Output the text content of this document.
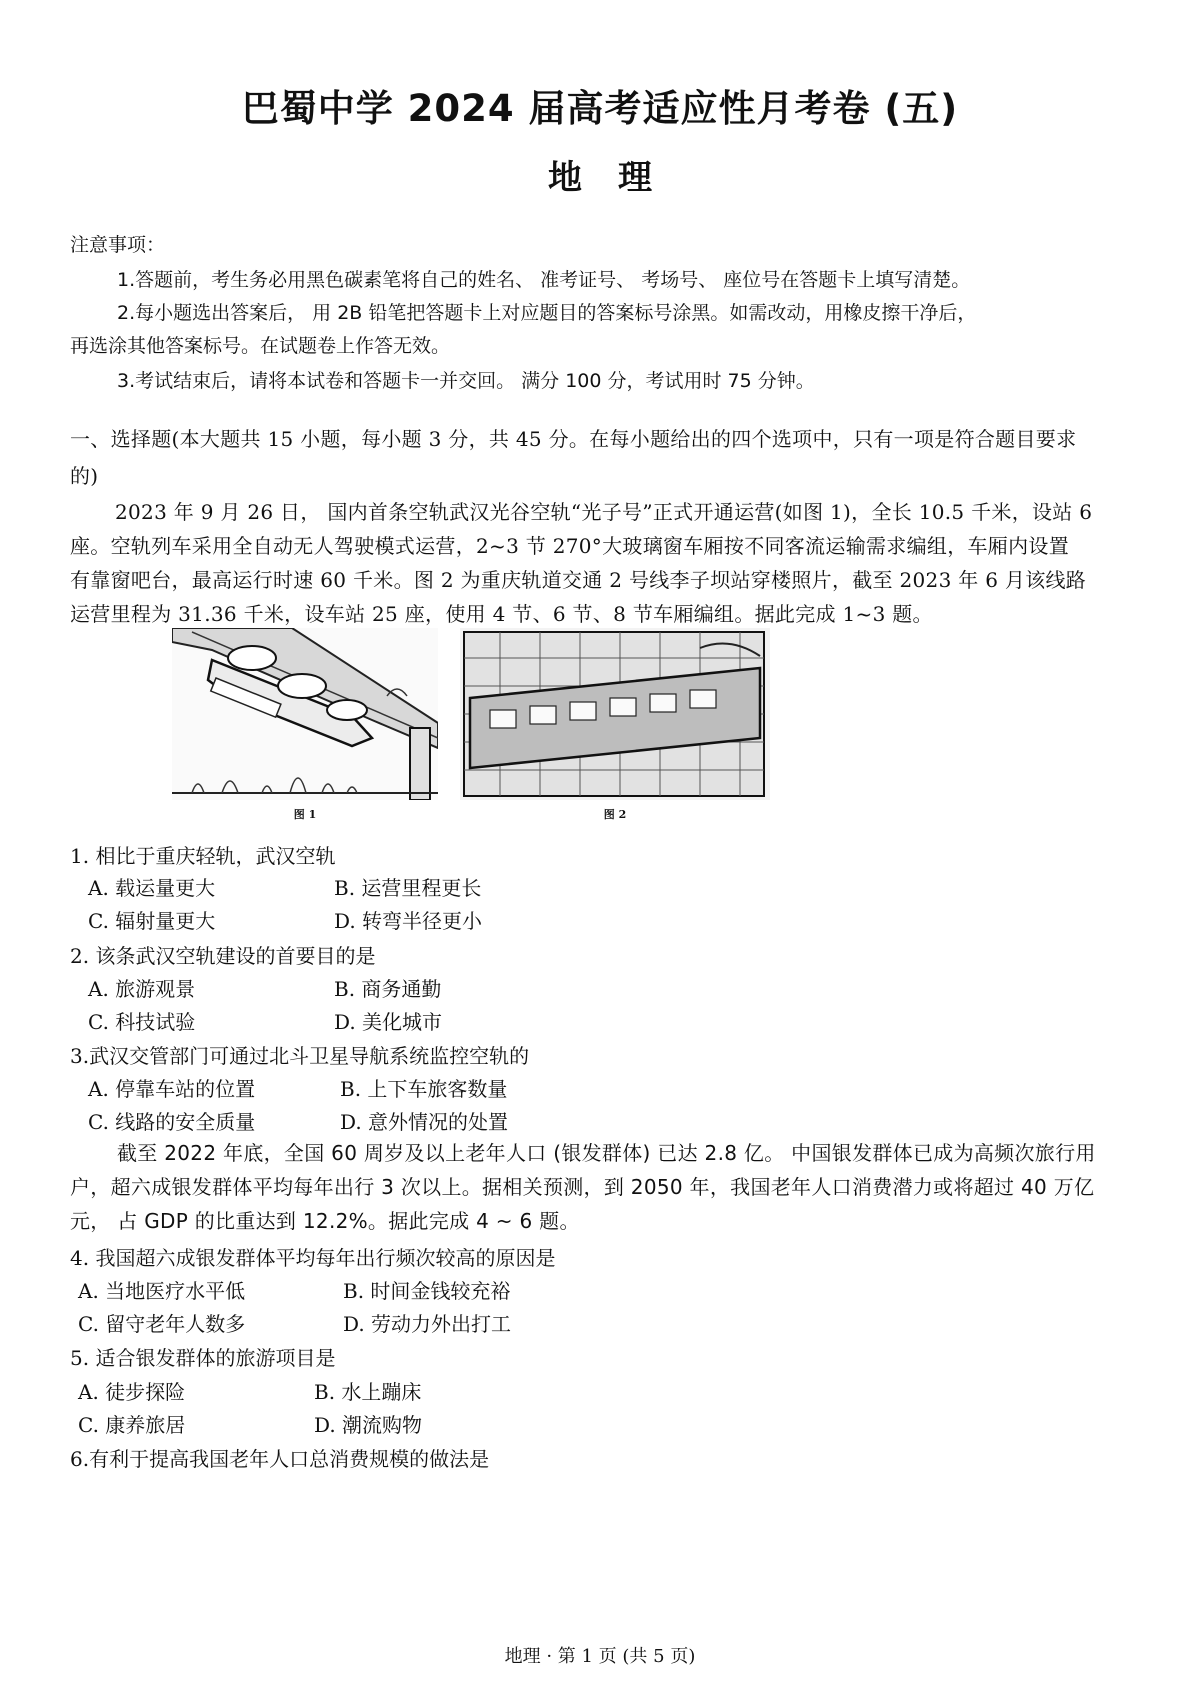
巴蜀中学 2024 届高考适应性月考卷 (五)
地理
注意事项：
1.答题前，考生务必用黑色碳素笔将自己的姓名、 准考证号、 考场号、 座位号在答题卡上填写清楚。
2.每小题选出答案后， 用 2B 铅笔把答题卡上对应题目的答案标号涂黑。如需改动，用橡皮擦干净后，
再选涂其他答案标号。在试题卷上作答无效。
3.考试结束后，请将本试卷和答题卡一并交回。 满分 100 分，考试用时 75 分钟。
一、选择题(本大题共 15 小题，每小题 3 分，共 45 分。在每小题给出的四个选项中，只有一项是符合题目要求
的)
2023 年 9 月 26 日， 国内首条空轨武汉光谷空轨“光子号”正式开通运营(如图 1)，全长 10.5 千米，设站 6
座。空轨列车采用全自动无人驾驶模式运营，2~3 节 270°大玻璃窗车厢按不同客流运输需求编组，车厢内设置
有靠窗吧台，最高运行时速 60 千米。图 2 为重庆轨道交通 2 号线李子坝站穿楼照片，截至 2023 年 6 月该线路
运营里程为 31.36 千米，设车站 25 座，使用 4 节、6 节、8 节车厢编组。据此完成 1~3 题。
图 1	图 2
1. 相比于重庆轻轨，武汉空轨
A. 载运量更大	B. 运营里程更长
C. 辐射量更大	D. 转弯半径更小
2. 该条武汉空轨建设的首要目的是
A. 旅游观景	B. 商务通勤
C. 科技试验	D. 美化城市
3.武汉交管部门可通过北斗卫星导航系统监控空轨的
A. 停靠车站的位置	B. 上下车旅客数量
C. 线路的安全质量	D. 意外情况的处置
截至 2022 年底，全国 60 周岁及以上老年人口 (银发群体) 已达 2.8 亿。 中国银发群体已成为高频次旅行用
户，超六成银发群体平均每年出行 3 次以上。据相关预测，到 2050 年，我国老年人口消费潜力或将超过 40 万亿
元， 占 GDP 的比重达到 12.2%。据此完成 4 ~ 6 题。
4. 我国超六成银发群体平均每年出行频次较高的原因是
A. 当地医疗水平低	B. 时间金钱较充裕
C. 留守老年人数多	D. 劳动力外出打工
5. 适合银发群体的旅游项目是
A. 徒步探险	B. 水上蹦床
C. 康养旅居	D. 潮流购物
6.有利于提高我国老年人口总消费规模的做法是
地理 · 第 1 页 (共 5 页)
